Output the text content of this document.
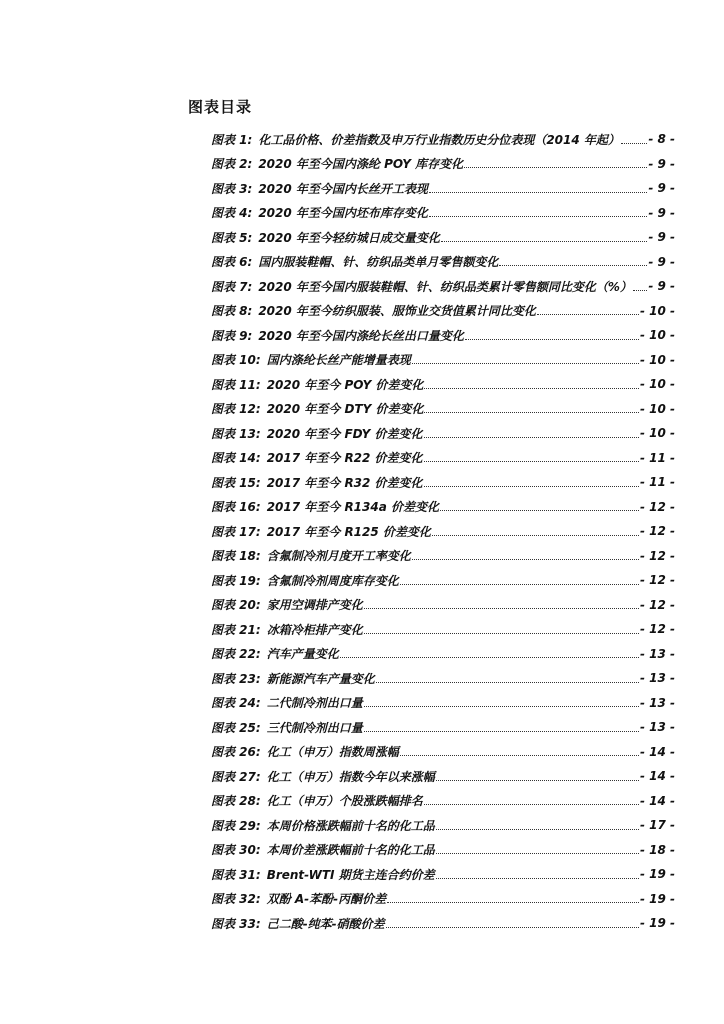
图表目录
图表 1: 化工品价格、价差指数及申万行业指数历史分位表现（2014 年起） - 8 -
图表 2: 2020 年至今国内涤纶 POY 库存变化	- 9 -
图表 3: 2020 年至今国内长丝开工表现	- 9 -
图表 4: 2020 年至今国内坯布库存变化	- 9 -
图表 5: 2020 年至今轻纺城日成交量变化	- 9 -
图表 6: 国内服装鞋帽、针、纺织品类单月零售额变化	- 9 -
图表 7: 2020 年至今国内服装鞋帽、针、纺织品类累计零售额同比变化（%） - 9 -
图表 8: 2020 年至今纺织服装、服饰业交货值累计同比变化	- 10 -
图表 9: 2020 年至今国内涤纶长丝出口量变化	- 10 -
图表 10: 国内涤纶长丝产能增量表现	- 10 -
图表 11: 2020 年至今 POY 价差变化	- 10 -
图表 12: 2020 年至今 DTY 价差变化	- 10 -
图表 13: 2020 年至今 FDY 价差变化	- 10 -
图表 14: 2017 年至今 R22 价差变化	- 11 -
图表 15: 2017 年至今 R32 价差变化	- 11 -
图表 16: 2017 年至今 R134a 价差变化	- 12 -
图表 17: 2017 年至今 R125 价差变化	- 12 -
图表 18: 含氟制冷剂月度开工率变化	- 12 -
图表 19: 含氟制冷剂周度库存变化	- 12 -
图表 20: 家用空调排产变化	- 12 -
图表 21: 冰箱冷柜排产变化	- 12 -
图表 22: 汽车产量变化	- 13 -
图表 23: 新能源汽车产量变化	- 13 -
图表 24: 二代制冷剂出口量	- 13 -
图表 25: 三代制冷剂出口量	- 13 -
图表 26: 化工（申万）指数周涨幅	- 14 -
图表 27: 化工（申万）指数今年以来涨幅	- 14 -
图表 28: 化工（申万）个股涨跌幅排名	- 14 -
图表 29: 本周价格涨跌幅前十名的化工品	- 17 -
图表 30: 本周价差涨跌幅前十名的化工品	- 18 -
图表 31: Brent-WTI 期货主连合约价差	- 19 -
图表 32: 双酚 A-苯酚-丙酮价差	- 19 -
图表 33: 己二酸-纯苯-硝酸价差	- 19 -
